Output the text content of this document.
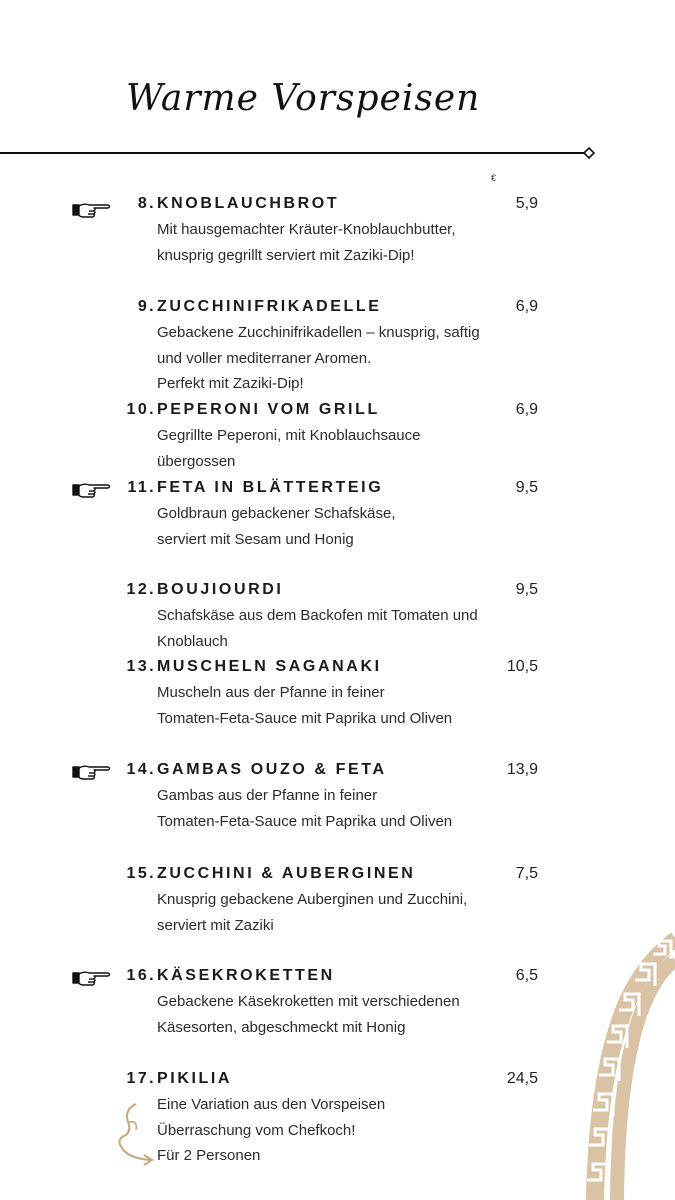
Warme Vorspeisen
€
8. KNOBLAUCHBROT	5,9
Mit hausgemachter Kräuter-Knoblauchbutter,
knusprig gegrillt serviert mit Zaziki-Dip!
9. ZUCCHINIFRIKADELLE	6,9
Gebackene Zucchinifrikadellen – knusprig, saftig
und voller mediterraner Aromen.
Perfekt mit Zaziki-Dip!
10. PEPERONI VOM GRILL	6,9
Gegrillte Peperoni, mit Knoblauchsauce
übergossen
11. FETA IN BLÄTTERTEIG	9,5
Goldbraun gebackener Schafskäse,
serviert mit Sesam und Honig
12. BOUJIOURDI	9,5
Schafskäse aus dem Backofen mit Tomaten und
Knoblauch
13. MUSCHELN SAGANAKI	10,5
Muscheln aus der Pfanne in feiner
Tomaten-Feta-Sauce mit Paprika und Oliven
14. GAMBAS OUZO & FETA	13,9
Gambas aus der Pfanne in feiner
Tomaten-Feta-Sauce mit Paprika und Oliven
15. ZUCCHINI & AUBERGINEN	7,5
Knusprig gebackene Auberginen und Zucchini,
serviert mit Zaziki
16. KÄSEKROKETTEN	6,5
Gebackene Käsekroketten mit verschiedenen
Käsesorten, abgeschmeckt mit Honig
17. PIKILIA	24,5
Eine Variation aus den Vorspeisen
Überraschung vom Chefkoch!
Für 2 Personen
